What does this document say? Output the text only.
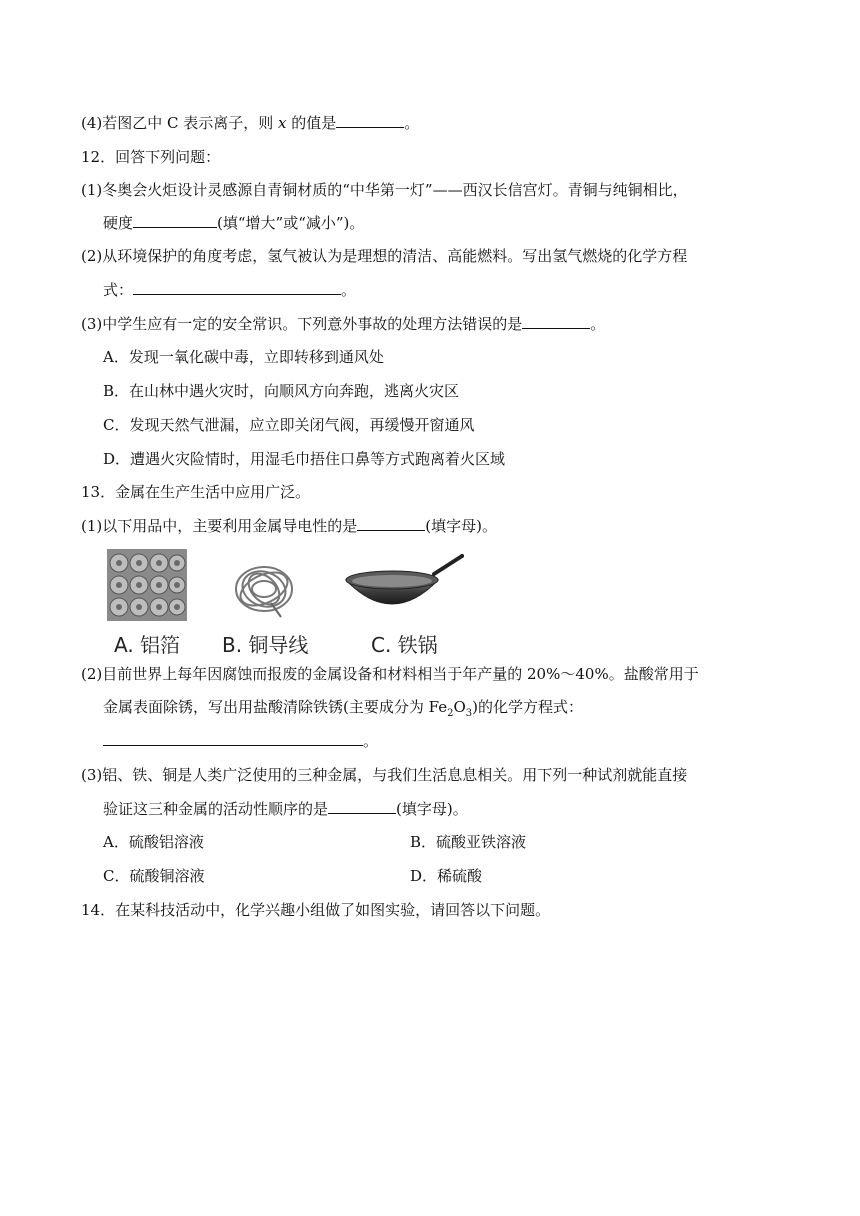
(4)若图乙中 C 表示离子，则 x 的值是	。
12．回答下列问题：
(1)冬奥会火炬设计灵感源自青铜材质的“中华第一灯”——西汉长信宫灯。青铜与纯铜相比，
硬度	(填“增大”或“减小”)。
(2)从环境保护的角度考虑，氢气被认为是理想的清洁、高能燃料。写出氢气燃烧的化学方程
式：	。
(3)中学生应有一定的安全常识。下列意外事故的处理方法错误的是	。
A．发现一氧化碳中毒，立即转移到通风处
B．在山林中遇火灾时，向顺风方向奔跑，逃离火灾区
C．发现天然气泄漏，应立即关闭气阀，再缓慢开窗通风
D．遭遇火灾险情时，用湿毛巾捂住口鼻等方式跑离着火区域
13．金属在生产生活中应用广泛。
(1)以下用品中，主要利用金属导电性的是	(填字母)。
A. 铝箔 B. 铜导线	C. 铁锅
(2)目前世界上每年因腐蚀而报废的金属设备和材料相当于年产量的 20%～40%。盐酸常用于
金属表面除锈，写出用盐酸清除铁锈(主要成分为 $Fe_2O_3$)的化学方程式：
。
(3)铝、铁、铜是人类广泛使用的三种金属，与我们生活息息相关。用下列一种试剂就能直接
验证这三种金属的活动性顺序的是	(填字母)。
A．硫酸铝溶液	B．硫酸亚铁溶液
C．硫酸铜溶液	D．稀硫酸
14．在某科技活动中，化学兴趣小组做了如图实验，请回答以下问题。
